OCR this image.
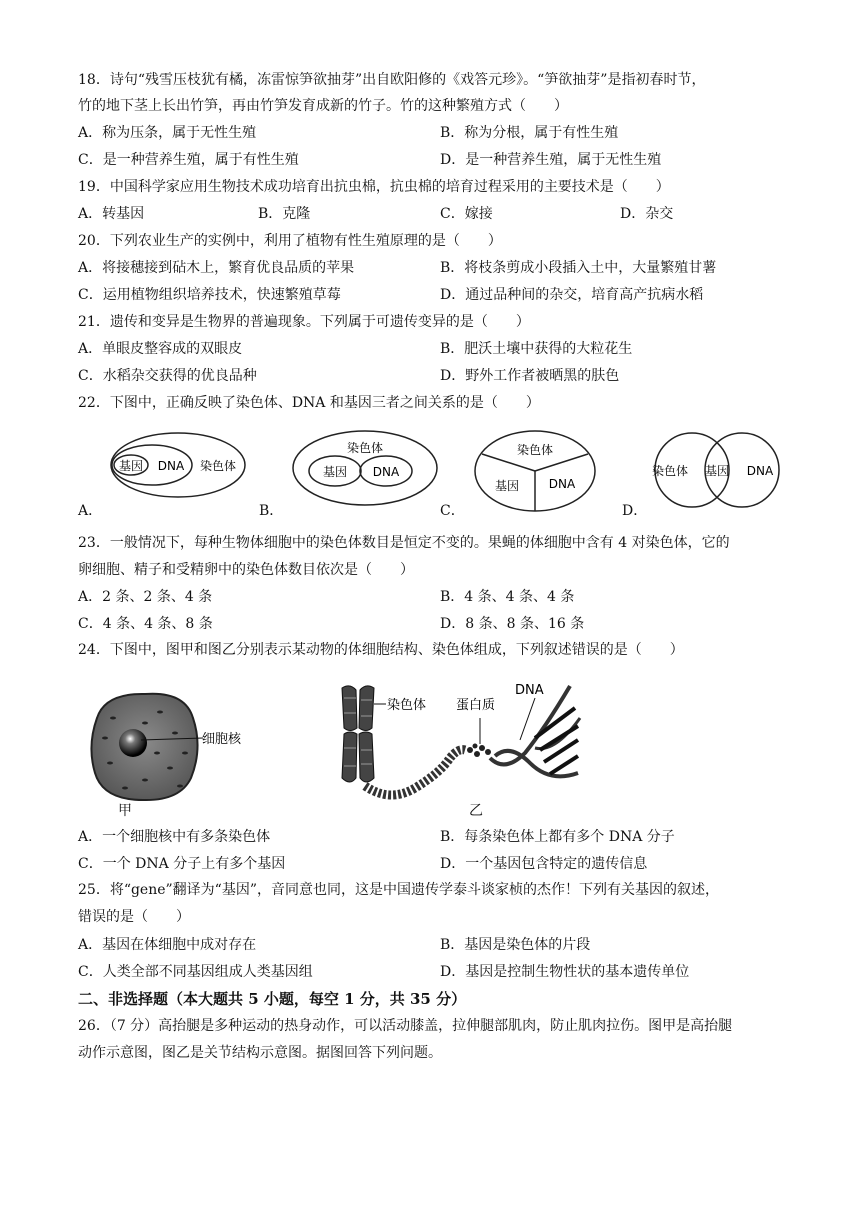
18．诗句“残雪压枝犹有橘，冻雷惊笋欲抽芽”出自欧阳修的《戏答元珍》。“笋欲抽芽”是指初春时节，
竹的地下茎上长出竹笋，再由竹笋发育成新的竹子。竹的这种繁殖方式（　　）
A．称为压条，属于无性生殖	B．称为分根，属于有性生殖
C．是一种营养生殖，属于有性生殖	D．是一种营养生殖，属于无性生殖
19．中国科学家应用生物技术成功培育出抗虫棉，抗虫棉的培育过程采用的主要技术是（　　）
A．转基因	B．克隆	C．嫁接	D．杂交
20．下列农业生产的实例中，利用了植物有性生殖原理的是（　　）
A．将接穗接到砧木上，繁育优良品质的苹果	B．将枝条剪成小段插入土中，大量繁殖甘薯
C．运用植物组织培养技术，快速繁殖草莓	D．通过品种间的杂交，培育高产抗病水稻
21．遗传和变异是生物界的普遍现象。下列属于可遗传变异的是（　　）
A．单眼皮整容成的双眼皮	B．肥沃土壤中获得的大粒花生
C．水稻杂交获得的优良品种	D．野外工作者被晒黑的肤色
22．下图中，正确反映了染色体、DNA 和基因三者之间关系的是（　　）
基因 DNA 染色体
A．
染色体
基因 DNA
B．
染色体
基因 DNA
C．
染色体 基因 DNA
D．
23．一般情况下，每种生物体细胞中的染色体数目是恒定不变的。果蝇的体细胞中含有 4 对染色体，它的
卵细胞、精子和受精卵中的染色体数目依次是（　　）
A．2 条、2 条、4 条	B．4 条、4 条、4 条
C．4 条、4 条、8 条	D．8 条、8 条、16 条
24．下图中，图甲和图乙分别表示某动物的体细胞结构、染色体组成，下列叙述错误的是（　　）
细胞核
甲
染色体 蛋白质
DNA
乙
A．一个细胞核中有多条染色体	B．每条染色体上都有多个 DNA 分子
C．一个 DNA 分子上有多个基因	D．一个基因包含特定的遗传信息
25．将“gene”翻译为“基因”，音同意也同，这是中国遗传学泰斗谈家桢的杰作！下列有关基因的叙述，
错误的是（　　）
A．基因在体细胞中成对存在	B．基因是染色体的片段
C．人类全部不同基因组成人类基因组	D．基因是控制生物性状的基本遗传单位
二、非选择题（本大题共 5 小题，每空 1 分，共 35 分）
26．（7 分）高抬腿是多种运动的热身动作，可以活动膝盖，拉伸腿部肌肉，防止肌肉拉伤。图甲是高抬腿
动作示意图，图乙是关节结构示意图。据图回答下列问题。
